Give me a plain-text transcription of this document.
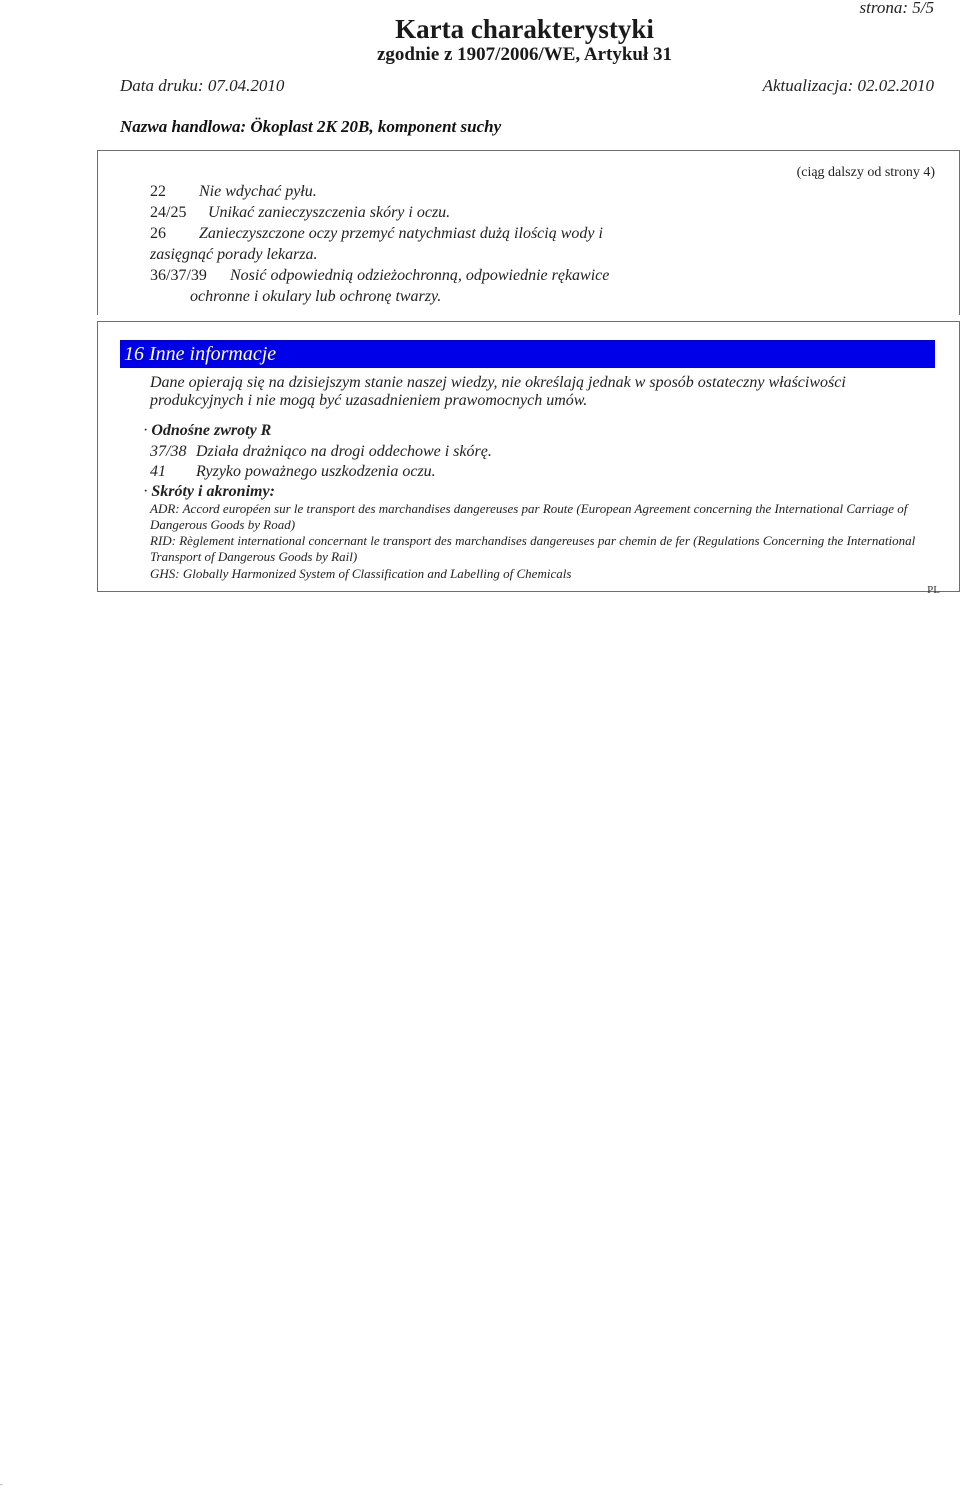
strona: 5/5
Karta charakterystyki
zgodnie z 1907/2006/WE, Artykuł 31
Data druku: 07.04.2010	Aktualizacja: 02.02.2010
Nazwa handlowa: Ökoplast 2K 20B, komponent suchy
(ciąg dalszy od strony 4)
22 Nie wdychać pyłu.
24/25 Unikać zanieczyszczenia skóry i oczu.
26 Zanieczyszczone oczy przemyć natychmiast dużą ilością wody i
zasięgnąć porady lekarza.
36/37/39 Nosić odpowiednią odzieżochronną, odpowiednie rękawice
ochronne i okulary lub ochronę twarzy.
16 Inne informacje
Dane opierają się na dzisiejszym stanie naszej wiedzy, nie określają jednak w sposób ostateczny właściwości produkcyjnych i nie mogą być uzasadnieniem prawomocnych umów.
· Odnośne zwroty R
37/38 Działa drażniąco na drogi oddechowe i skórę.
41 Ryzyko poważnego uszkodzenia oczu.
· Skróty i akronimy:
ADR: Accord européen sur le transport des marchandises dangereuses par Route (European Agreement concerning the International Carriage of Dangerous Goods by Road)
RID: Règlement international concernant le transport des marchandises dangereuses par chemin de fer (Regulations Concerning the International Transport of Dangerous Goods by Rail)
GHS: Globally Harmonized System of Classification and Labelling of Chemicals
PL
-
